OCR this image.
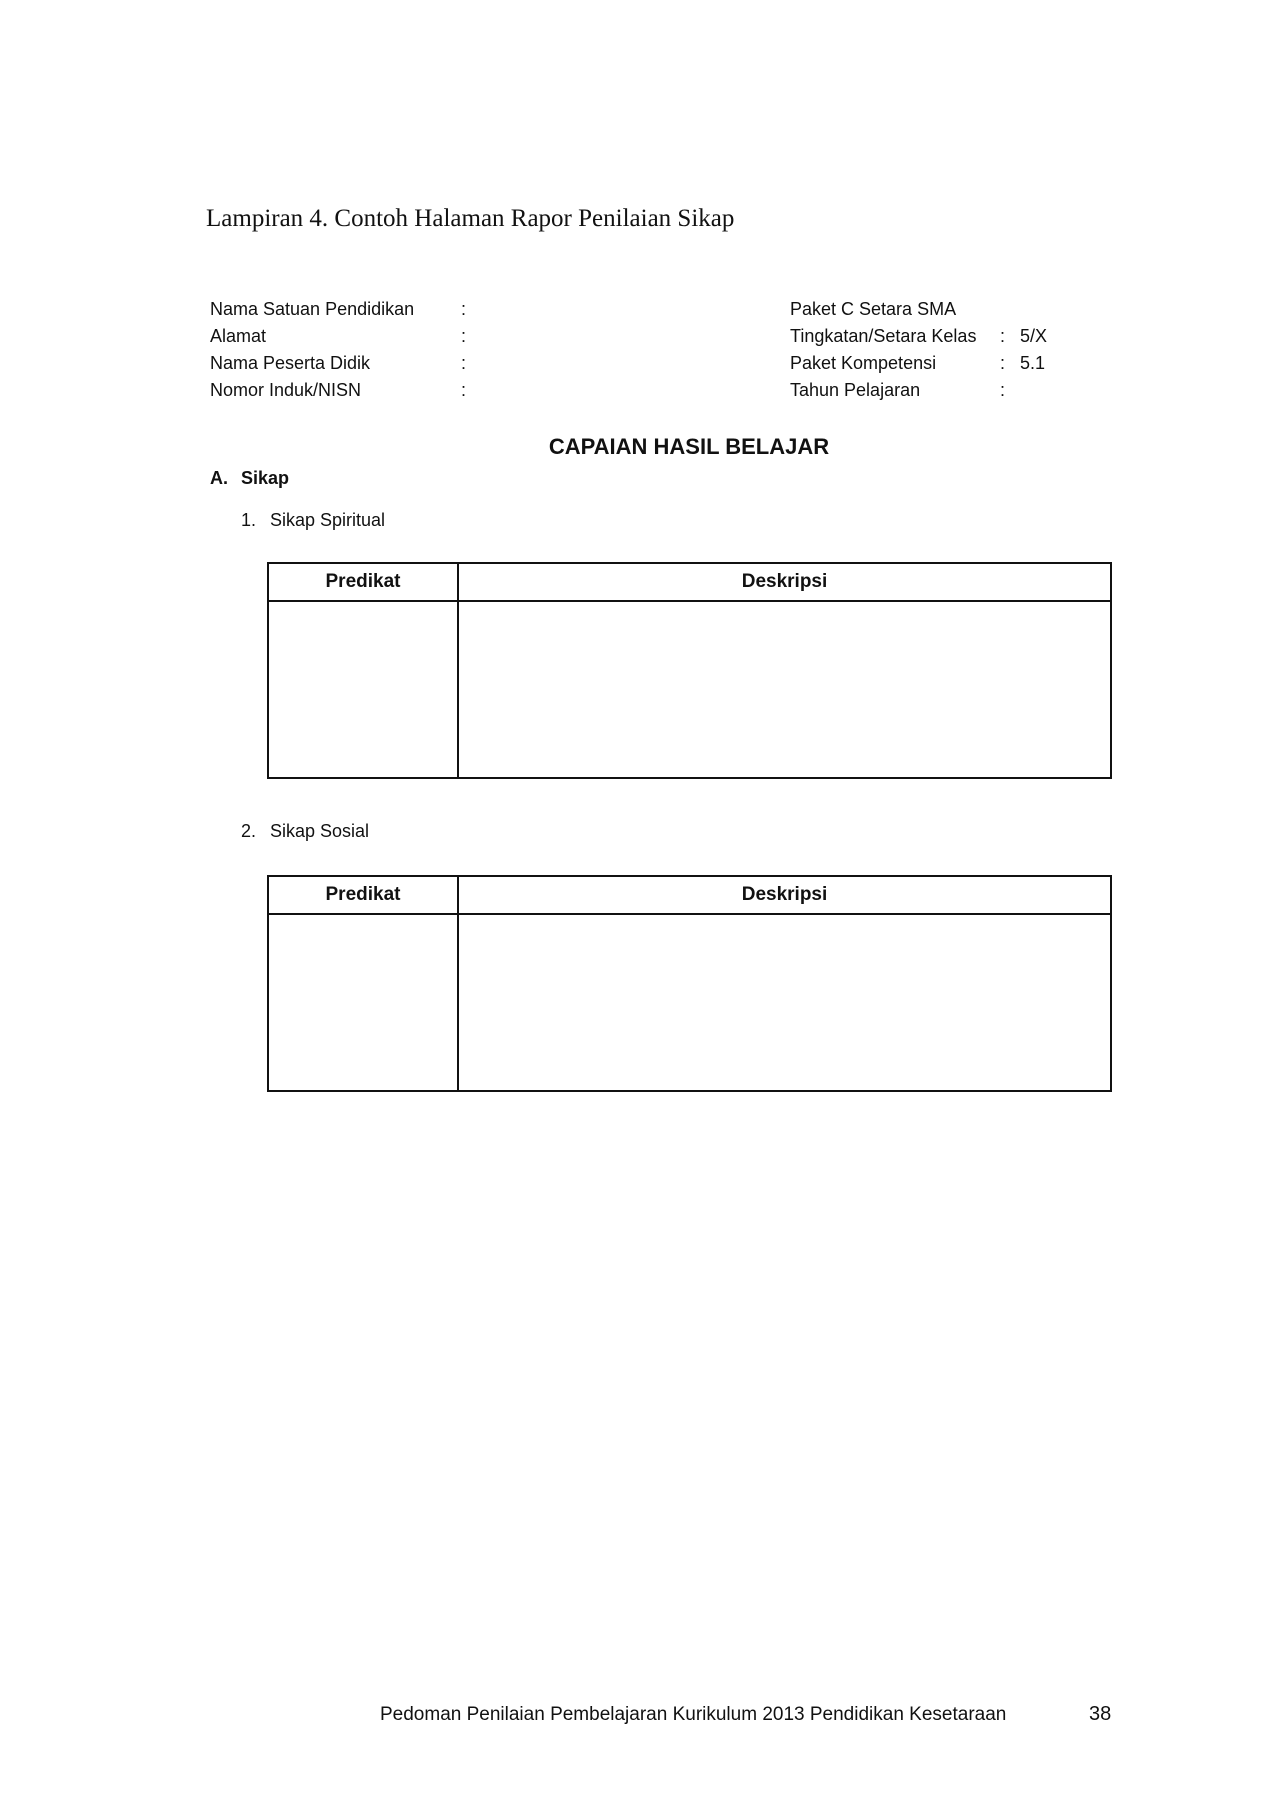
Lampiran 4. Contoh Halaman Rapor Penilaian Sikap
Nama Satuan Pendidikan	:
Alamat	:
Nama Peserta Didik	:
Nomor Induk/NISN	:
Paket C Setara SMA
Tingkatan/Setara Kelas : 5/X
Paket Kompetensi	: 5.1
Tahun Pelajaran	:
CAPAIAN HASIL BELAJAR
A. Sikap
1. Sikap Spiritual
Predikat	Deskripsi

2. Sikap Sosial
Predikat	Deskripsi

Pedoman Penilaian Pembelajaran Kurikulum 2013 Pendidikan Kesetaraan	38
